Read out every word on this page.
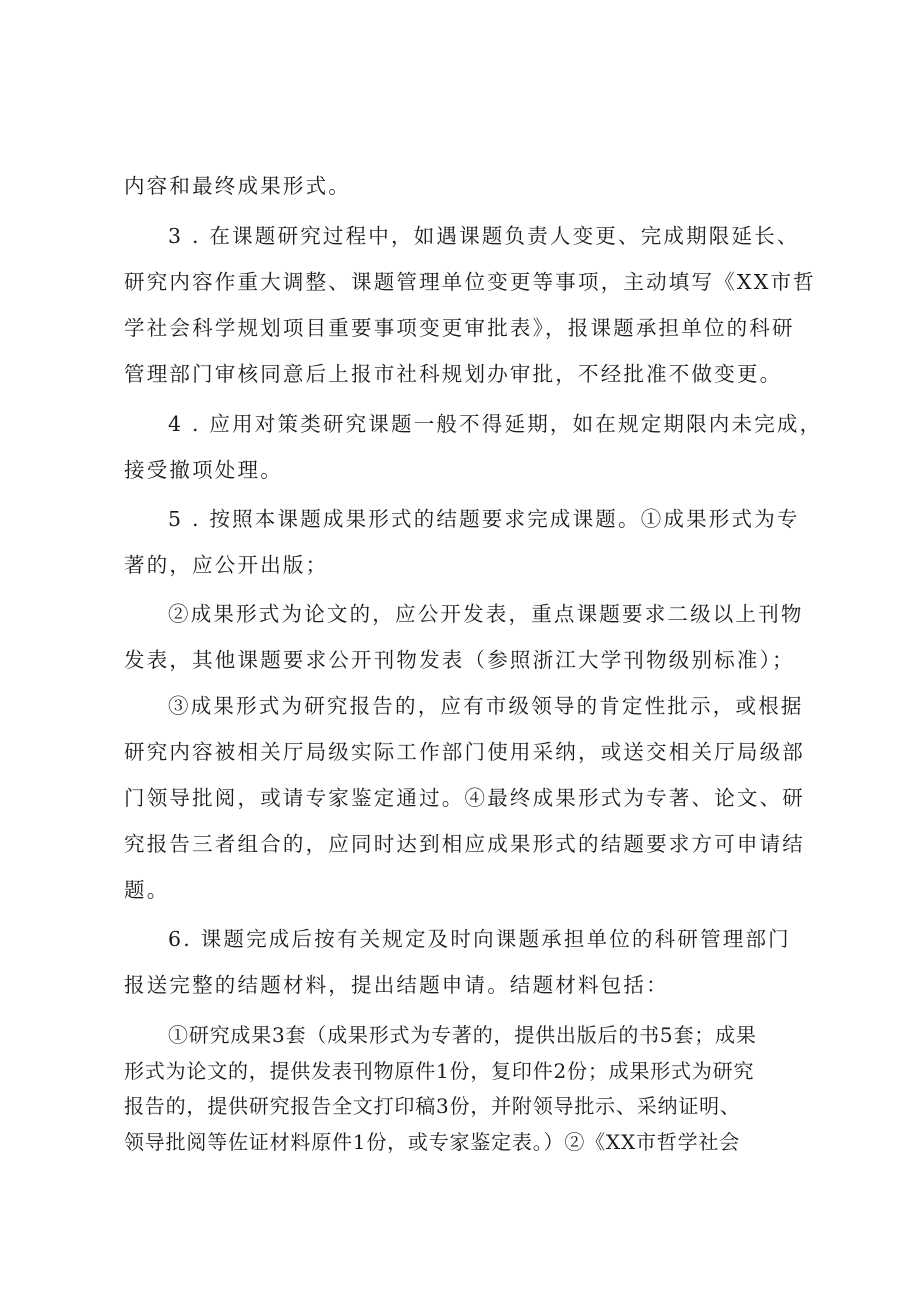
内容和最终成果形式。
3 . 在课题研究过程中，如遇课题负责人变更、完成期限延长、
研究内容作重大调整、课题管理单位变更等事项，主动填写《XX市哲
学社会科学规划项目重要事项变更审批表》，报课题承担单位的科研
管理部门审核同意后上报市社科规划办审批，不经批准不做变更。
4 . 应用对策类研究课题一般不得延期，如在规定期限内未完成，
接受撤项处理。
5 . 按照本课题成果形式的结题要求完成课题。①成果形式为专
著的，应公开出版；
②成果形式为论文的，应公开发表，重点课题要求二级以上刊物
发表，其他课题要求公开刊物发表（参照浙江大学刊物级别标准）；
③成果形式为研究报告的，应有市级领导的肯定性批示，或根据
研究内容被相关厅局级实际工作部门使用采纳，或送交相关厅局级部
门领导批阅，或请专家鉴定通过。④最终成果形式为专著、论文、研
究报告三者组合的，应同时达到相应成果形式的结题要求方可申请结
题。
6. 课题完成后按有关规定及时向课题承担单位的科研管理部门
报送完整的结题材料，提出结题申请。结题材料包括：
①研究成果3套（成果形式为专著的，提供出版后的书5套；成果
形式为论文的，提供发表刊物原件1份，复印件2份；成果形式为研究
报告的，提供研究报告全文打印稿3份，并附领导批示、采纳证明、
领导批阅等佐证材料原件1份，或专家鉴定表。）②《XX市哲学社会
